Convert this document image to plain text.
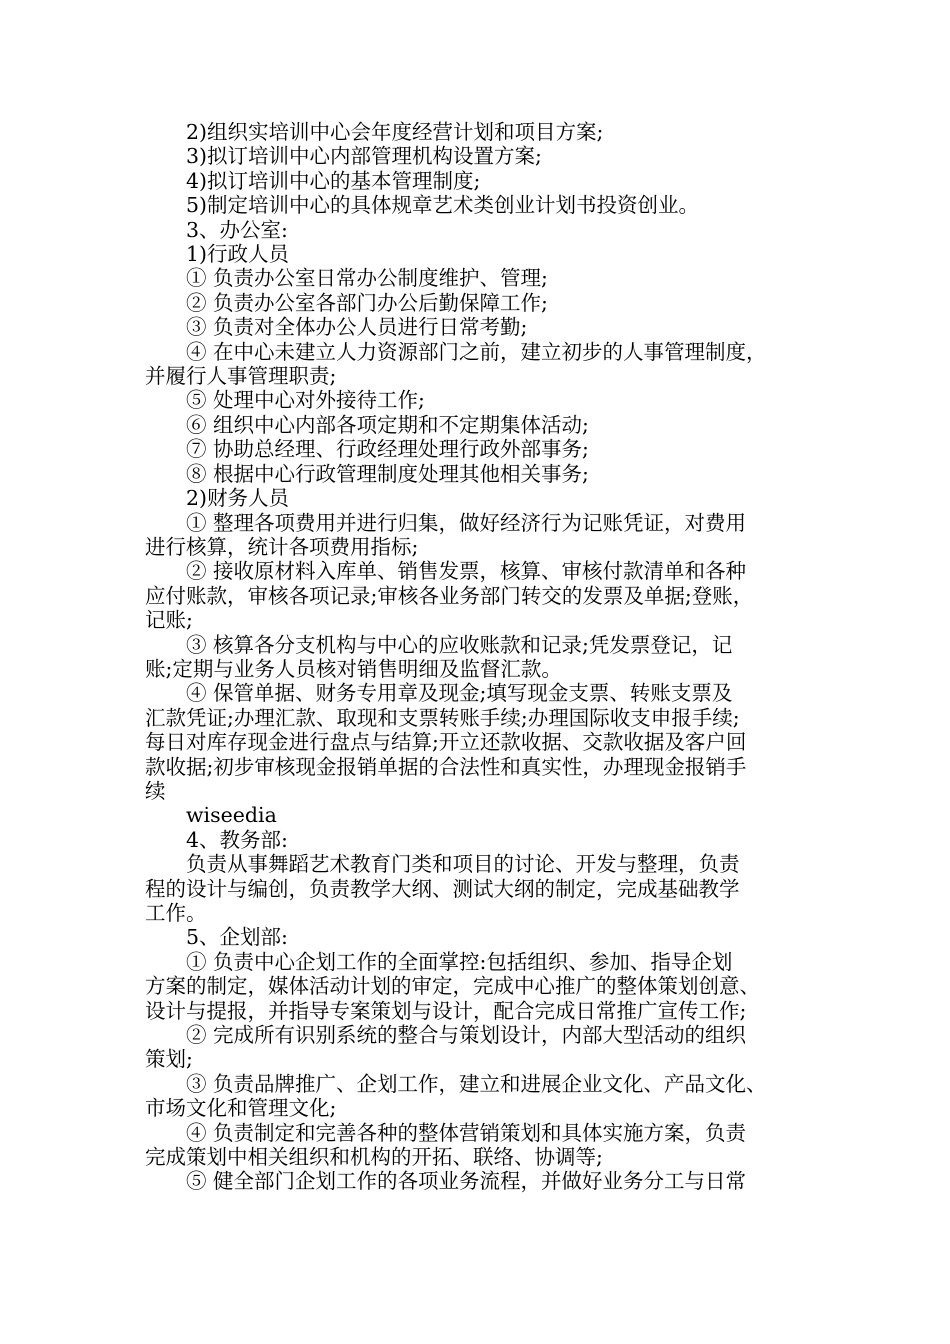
2)组织实培训中心会年度经营计划和项目方案;

3)拟订培训中心内部管理机构设置方案;

4)拟订培训中心的基本管理制度;

5)制定培训中心的具体规章艺术类创业计划书投资创业。

3、办公室:

1)行政人员

① 负责办公室日常办公制度维护、管理;

② 负责办公室各部门办公后勤保障工作;

③ 负责对全体办公人员进行日常考勤;

④ 在中心未建立人力资源部门之前，建立初步的人事管理制度，

并履行人事管理职责;

⑤ 处理中心对外接待工作;

⑥ 组织中心内部各项定期和不定期集体活动;

⑦ 协助总经理、行政经理处理行政外部事务;

⑧ 根据中心行政管理制度处理其他相关事务;

2)财务人员

① 整理各项费用并进行归集，做好经济行为记账凭证，对费用

进行核算，统计各项费用指标;

② 接收原材料入库单、销售发票，核算、审核付款清单和各种

应付账款，审核各项记录;审核各业务部门转交的发票及单据;登账，

记账;

③ 核算各分支机构与中心的应收账款和记录;凭发票登记，记

账;定期与业务人员核对销售明细及监督汇款。

④ 保管单据、财务专用章及现金;填写现金支票、转账支票及

汇款凭证;办理汇款、取现和支票转账手续;办理国际收支申报手续;

每日对库存现金进行盘点与结算;开立还款收据、交款收据及客户回

款收据;初步审核现金报销单据的合法性和真实性，办理现金报销手

续

wiseedia

4、教务部:

负责从事舞蹈艺术教育门类和项目的讨论、开发与整理，负责

程的设计与编创，负责教学大纲、测试大纲的制定，完成基础教学

工作。

5、企划部:

① 负责中心企划工作的全面掌控:包括组织、参加、指导企划

方案的制定，媒体活动计划的审定，完成中心推广的整体策划创意、

设计与提报，并指导专案策划与设计，配合完成日常推广宣传工作;

② 完成所有识别系统的整合与策划设计，内部大型活动的组织

策划;

③ 负责品牌推广、企划工作，建立和进展企业文化、产品文化、

市场文化和管理文化;

④ 负责制定和完善各种的整体营销策划和具体实施方案，负责

完成策划中相关组织和机构的开拓、联络、协调等;

⑤ 健全部门企划工作的各项业务流程，并做好业务分工与日常
